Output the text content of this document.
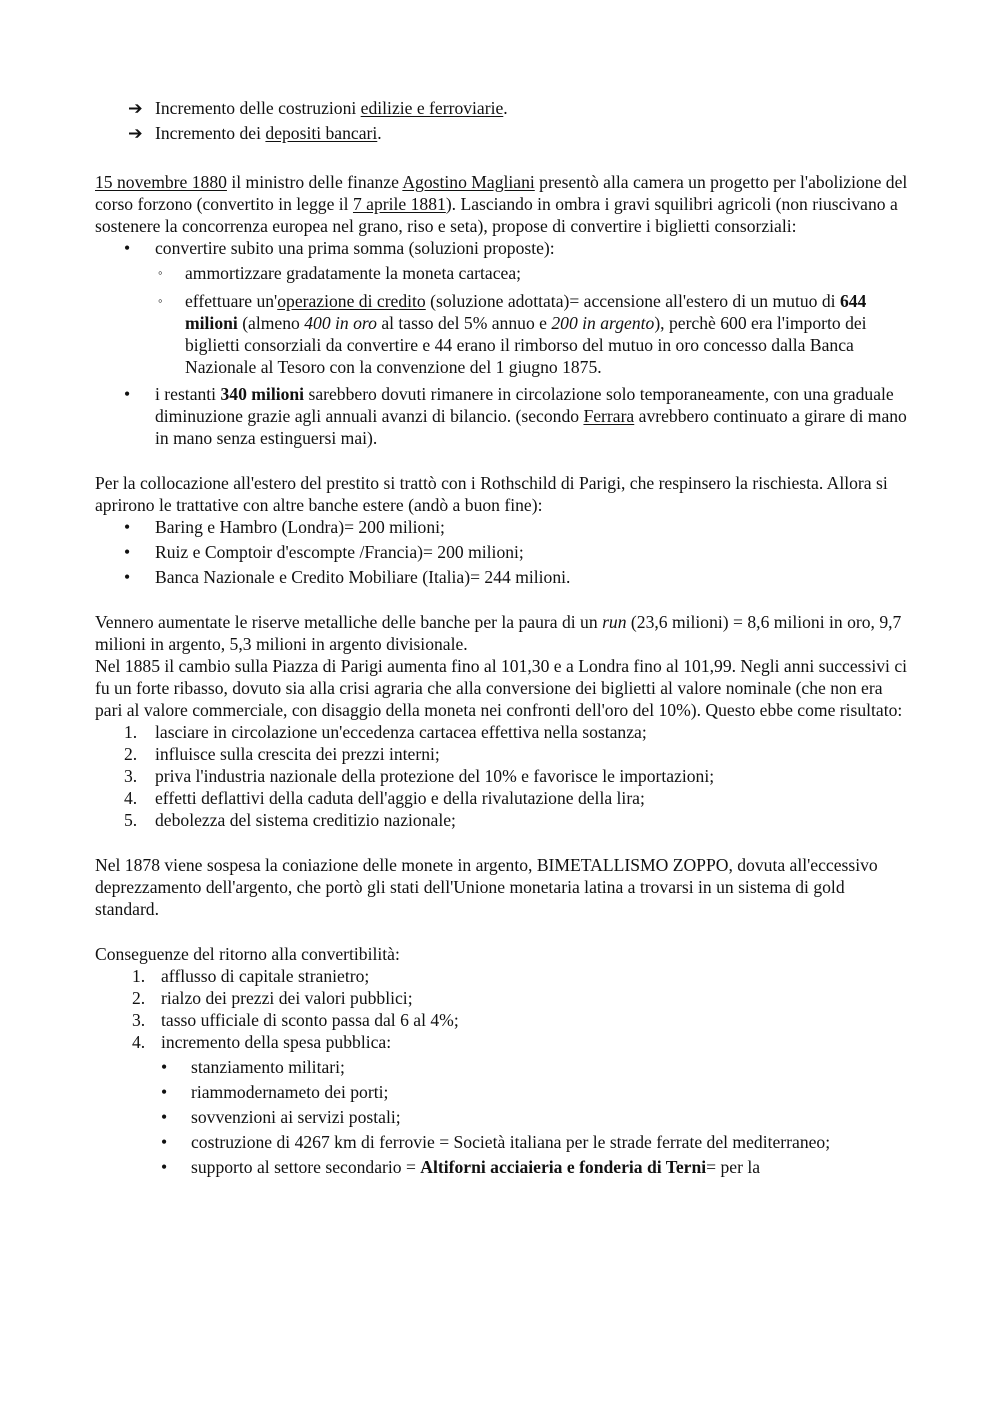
➔ Incremento delle costruzioni edilizie e ferroviarie.
➔ Incremento dei depositi bancari.

15 novembre 1880 il ministro delle finanze Agostino Magliani presentò alla camera un progetto per l'abolizione del corso forzono (convertito in legge il 7 aprile 1881). Lasciando in ombra i gravi squilibri agricoli (non riuscivano a sostenere la concorrenza europea nel grano, riso e seta), propose di convertire i biglietti consorziali:

• convertire subito una prima somma (soluzioni proposte):
◦ ammortizzare gradatamente la moneta cartacea;
◦ effettuare un'operazione di credito (soluzione adottata)= accensione all'estero di un mutuo di 644 milioni (almeno 400 in oro al tasso del 5% annuo e 200 in argento), perchè 600 era l'importo dei biglietti consorziali da convertire e 44 erano il rimborso del mutuo in oro concesso dalla Banca Nazionale al Tesoro con la convenzione del 1 giugno 1875.
• i restanti 340 milioni sarebbero dovuti rimanere in circolazione solo temporaneamente, con una graduale diminuzione grazie agli annuali avanzi di bilancio. (secondo Ferrara avrebbero continuato a girare di mano in mano senza estinguersi mai).

Per la collocazione all'estero del prestito si trattò con i Rothschild di Parigi, che respinsero la rischiesta. Allora si aprirono le trattative con altre banche estere (andò a buon fine):

• Baring e Hambro (Londra)= 200 milioni;
• Ruiz e Comptoir d'escompte /Francia)= 200 milioni;
• Banca Nazionale e Credito Mobiliare (Italia)= 244 milioni.

Vennero aumentate le riserve metalliche delle banche per la paura di un run (23,6 milioni) = 8,6 milioni in oro, 9,7 milioni in argento, 5,3 milioni in argento divisionale.

Nel 1885 il cambio sulla Piazza di Parigi aumenta fino al 101,30 e a Londra fino al 101,99. Negli anni successivi ci fu un forte ribasso, dovuto sia alla crisi agraria che alla conversione dei biglietti al valore nominale (che non era pari al valore commerciale, con disaggio della moneta nei confronti dell'oro del 10%). Questo ebbe come risultato:

1. lasciare in circolazione un'eccedenza cartacea effettiva nella sostanza;
2. influisce sulla crescita dei prezzi interni;
3. priva l'industria nazionale della protezione del 10% e favorisce le importazioni;
4. effetti deflattivi della caduta dell'aggio e della rivalutazione della lira;
5. debolezza del sistema creditizio nazionale;

Nel 1878 viene sospesa la coniazione delle monete in argento, BIMETALLISMO ZOPPO, dovuta all'eccessivo deprezzamento dell'argento, che portò gli stati dell'Unione monetaria latina a trovarsi in un sistema di gold standard.

Conseguenze del ritorno alla convertibilità:

1. afflusso di capitale stranietro;
2. rialzo dei prezzi dei valori pubblici;
3. tasso ufficiale di sconto passa dal 6 al 4%;
4. incremento della spesa pubblica:
• stanziamento militari;
• riammodernameto dei porti;
• sovvenzioni ai servizi postali;
• costruzione di 4267 km di ferrovie = Società italiana per le strade ferrate del mediterraneo;
• supporto al settore secondario = Altiforni acciaieria e fonderia di Terni= per la
